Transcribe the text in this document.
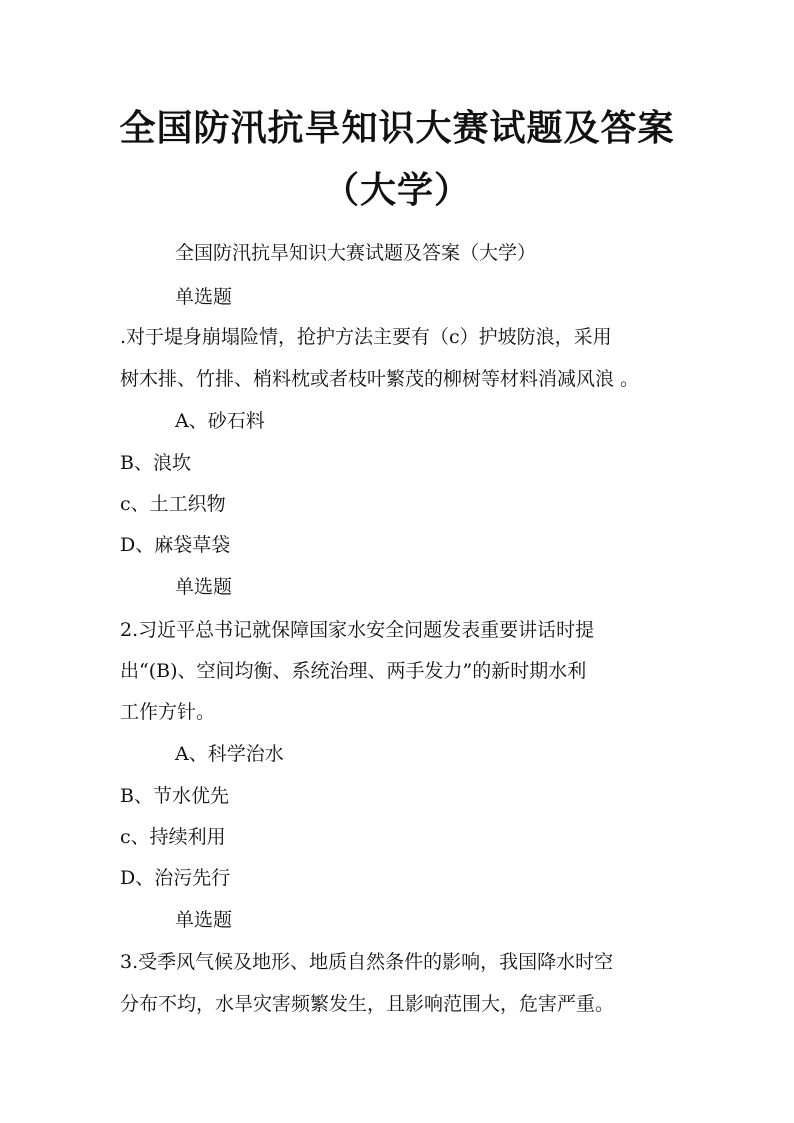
全国防汛抗旱知识大赛试题及答案
（大学）

全国防汛抗旱知识大赛试题及答案（大学）

单选题

.对于堤身崩塌险情，抢护方法主要有（c）护坡防浪，采用

树木排、竹排、梢料枕或者枝叶繁茂的柳树等材料消减风浪 。

A、砂石料

B、浪坎

c、土工织物

D、麻袋草袋

单选题

2.习近平总书记就保障国家水安全问题发表重要讲话时提

出“(B)、空间均衡、系统治理、两手发力”的新时期水利

工作方针。

A、科学治水

B、节水优先

c、持续利用

D、治污先行

单选题

3.受季风气候及地形、地质自然条件的影响，我国降水时空

分布不均，水旱灾害频繁发生，且影响范围大，危害严重。
